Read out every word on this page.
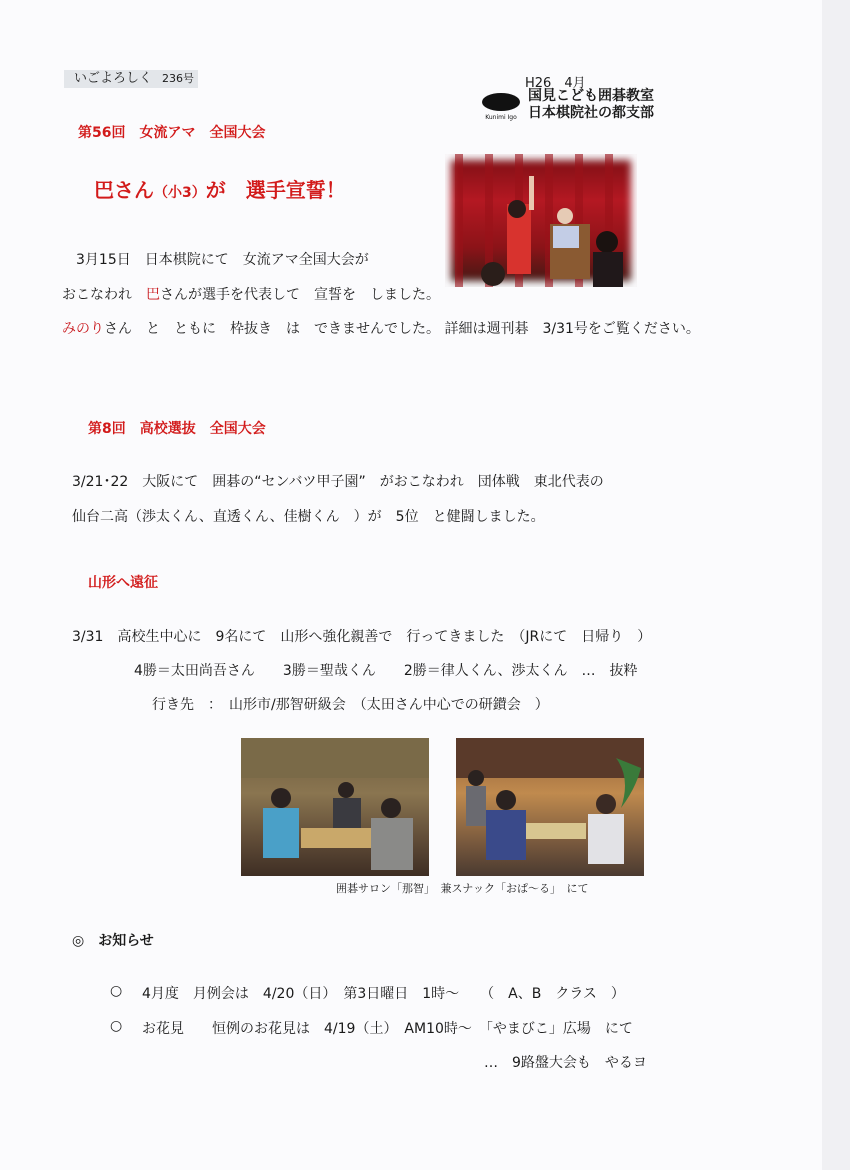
いごよろしく 236号	H26　4月
Kunimi Igo
国見こども囲碁教室
日本棋院社の都支部
第56回　女流アマ　全国大会
巴さん（小3）が　選手宣誓！
3月15日　日本棋院にて　女流アマ全国大会が
おこなわれ　巴さんが選手を代表して　宣誓を　しました。
みのりさん　と　ともに　枠抜き　は　できませんでした。 詳細は週刊碁　3/31号をご覧ください。
第8回　高校選抜　全国大会
3/21･22　大阪にて　囲碁の“センバツ甲子園”　がおこなわれ　団体戦　東北代表の
仙台二高（渉太くん、直透くん、佳樹くん　）が　5位　と健闘しました。
山形へ遠征
3/31　高校生中心に　9名にて　山形へ強化親善で　行ってきました　（JRにて　日帰り　）
4勝＝太田尚吾さん　　3勝＝聖哉くん　　2勝＝律人くん、渉太くん　…　抜粋
行き先　：　山形市/那智研級会　（太田さん中心での研鑚会　）
囲碁サロン「那智」　兼スナック「おぱ～る」　にて
◎　お知らせ
○ 4月度　月例会は　4/20（日）　第3日曜日　1時～　　（　A、B　クラス　）
○ お花見　　恒例のお花見は　4/19（土）　AM10時～　「やまびこ」広場　にて
…　9路盤大会も　やるヨ
